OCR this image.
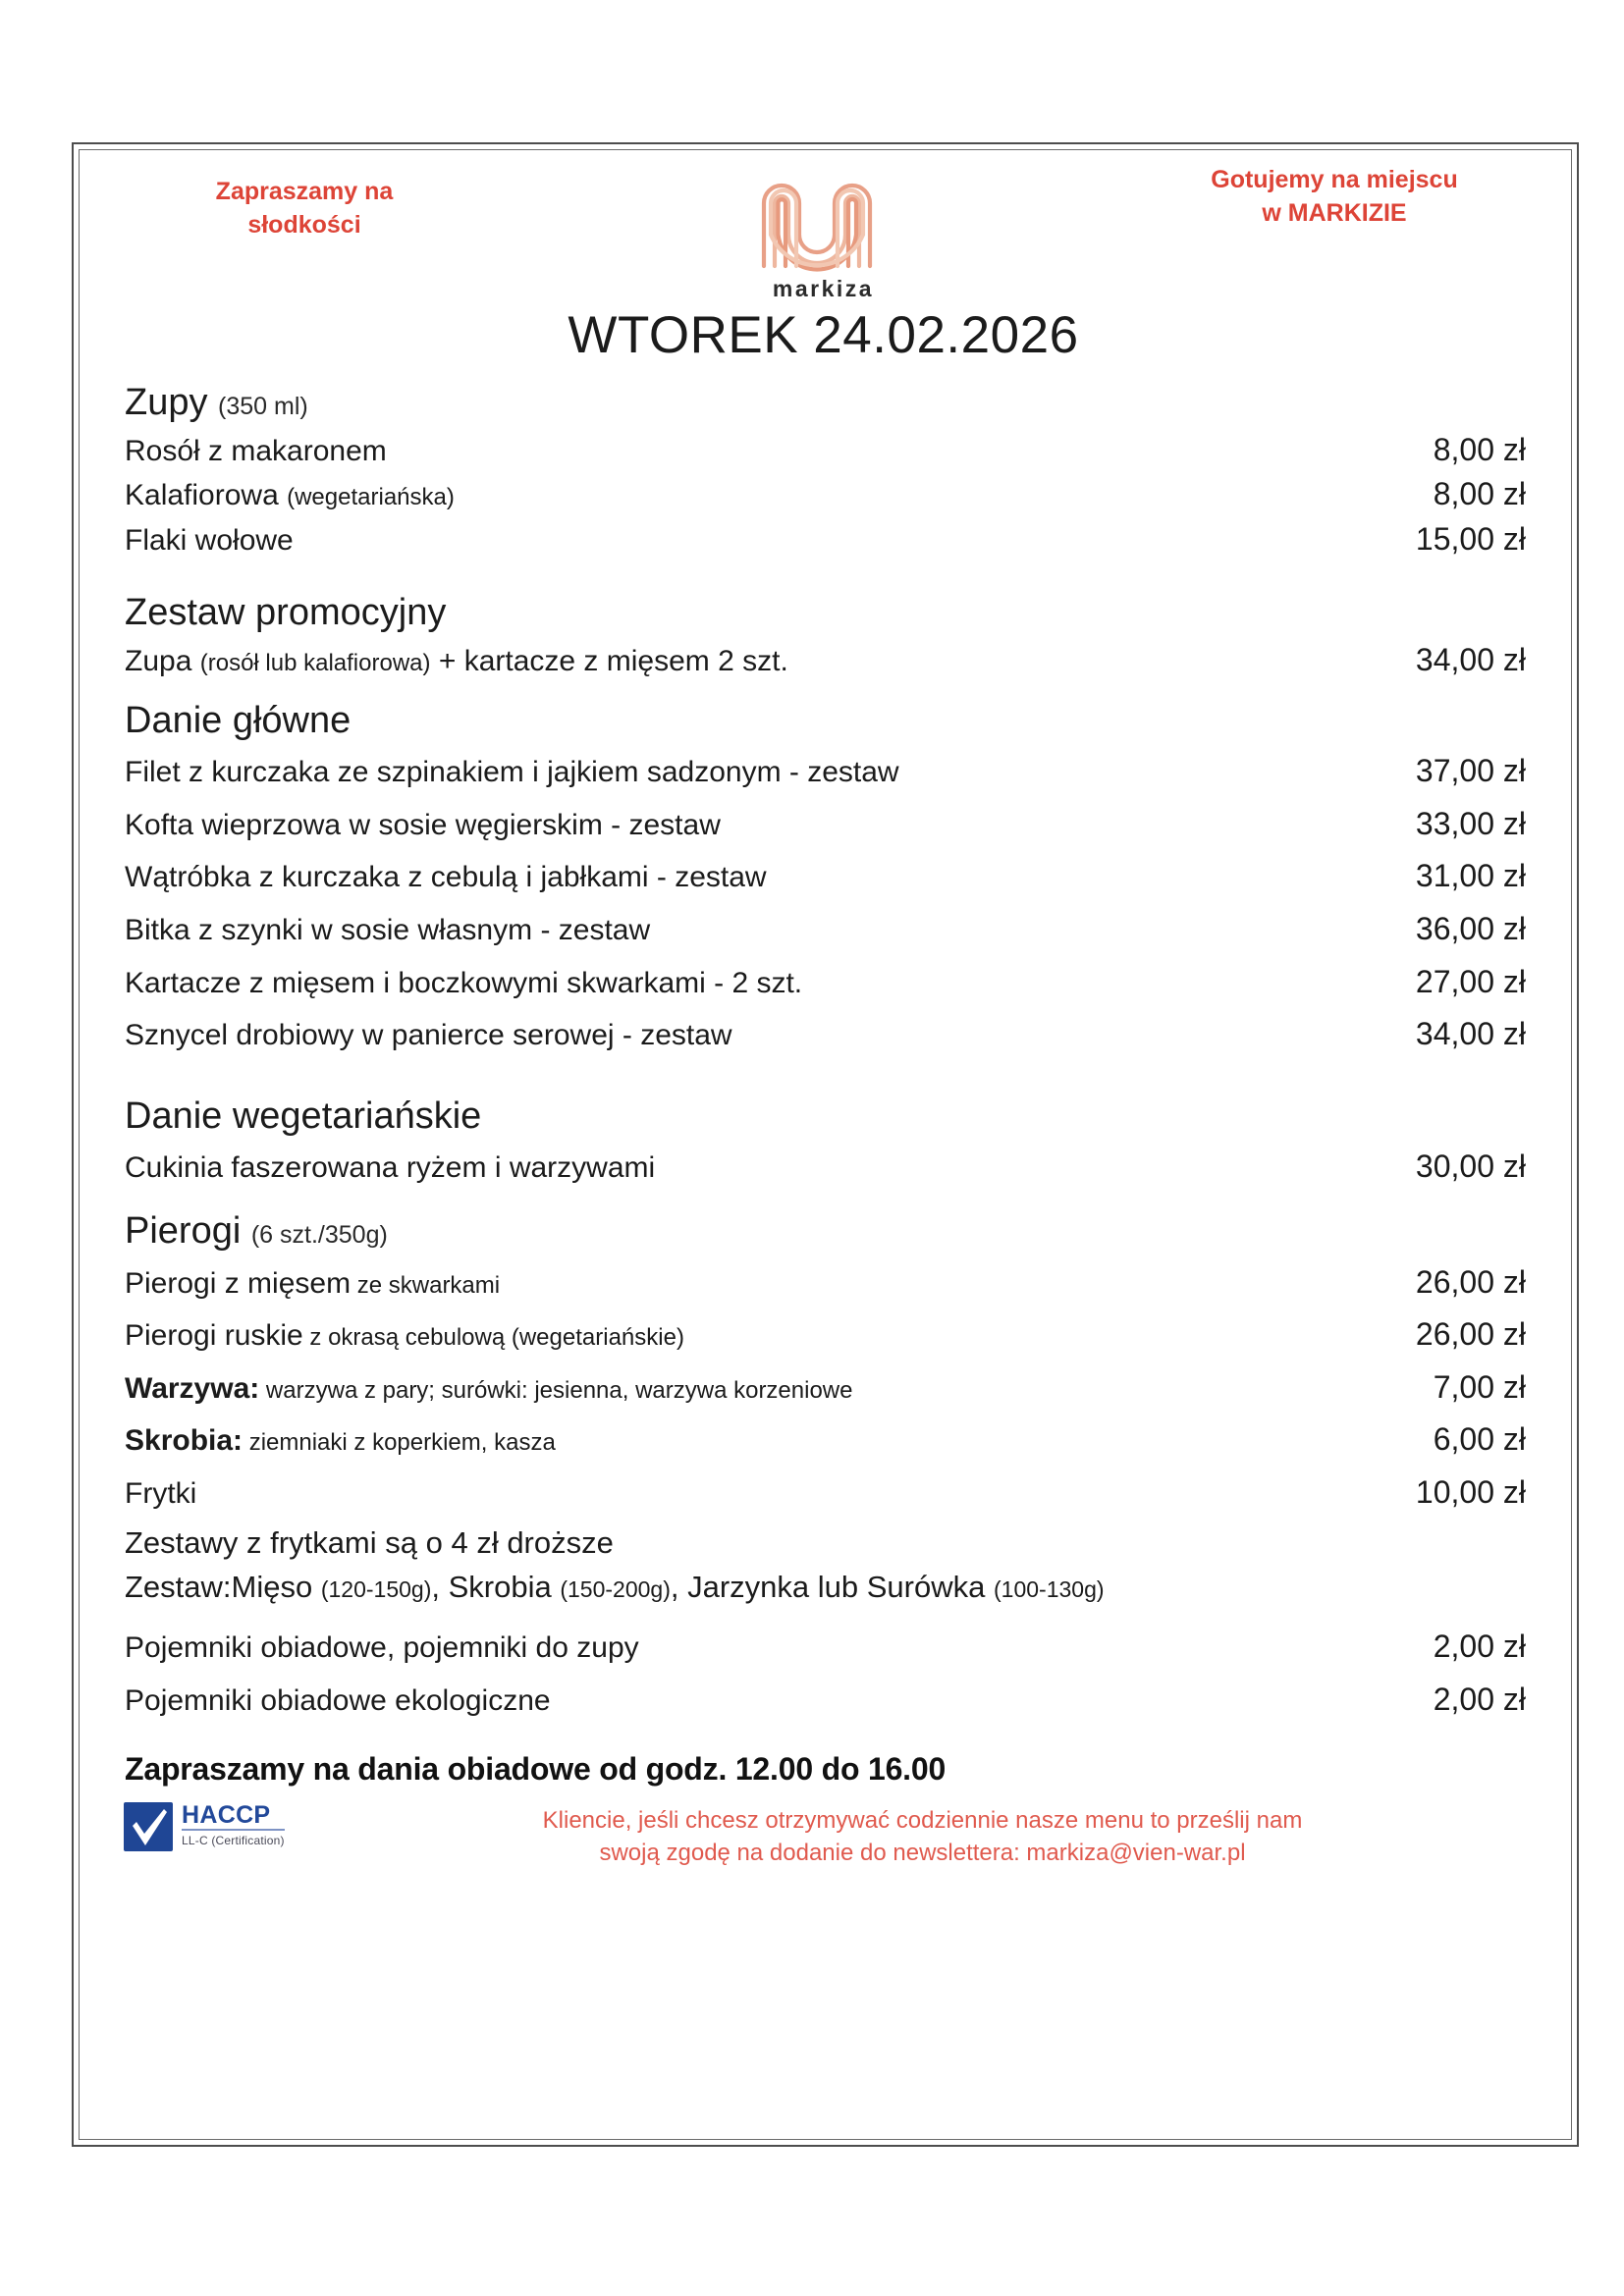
Zapraszamy na
słodkości
markiza
Gotujemy na miejscu
w MARKIZIE
WTOREK 24.02.2026
Zupy (350 ml)
Rosół z makaronem	8,00 zł
Kalafiorowa (wegetariańska)	8,00 zł
Flaki wołowe	15,00 zł
Zestaw promocyjny
Zupa (rosół lub kalafiorowa) + kartacze z mięsem 2 szt.	34,00 zł
Danie główne
Filet z kurczaka ze szpinakiem i jajkiem sadzonym - zestaw	37,00 zł
Kofta wieprzowa w sosie węgierskim - zestaw	33,00 zł
Wątróbka z kurczaka z cebulą i jabłkami - zestaw	31,00 zł
Bitka z szynki w sosie własnym - zestaw	36,00 zł
Kartacze z mięsem i boczkowymi skwarkami - 2 szt.	27,00 zł
Sznycel drobiowy w panierce serowej - zestaw	34,00 zł
Danie wegetariańskie
Cukinia faszerowana ryżem i warzywami	30,00 zł
Pierogi (6 szt./350g)
Pierogi z mięsem ze skwarkami	26,00 zł
Pierogi ruskie z okrasą cebulową (wegetariańskie)	26,00 zł
Warzywa: warzywa z pary; surówki: jesienna, warzywa korzeniowe	7,00 zł
Skrobia: ziemniaki z koperkiem, kasza	6,00 zł
Frytki	10,00 zł
Zestawy z frytkami są o 4 zł droższe
Zestaw:Mięso (120-150g), Skrobia (150-200g), Jarzynka lub Surówka (100-130g)
Pojemniki obiadowe, pojemniki do zupy	2,00 zł
Pojemniki obiadowe ekologiczne	2,00 zł
Zapraszamy na dania obiadowe od godz. 12.00 do 16.00
HACCP
LL-C (Certification)
Kliencie, jeśli chcesz otrzymywać codziennie nasze menu to prześlij nam
swoją zgodę na dodanie do newslettera: markiza@vien-war.pl
